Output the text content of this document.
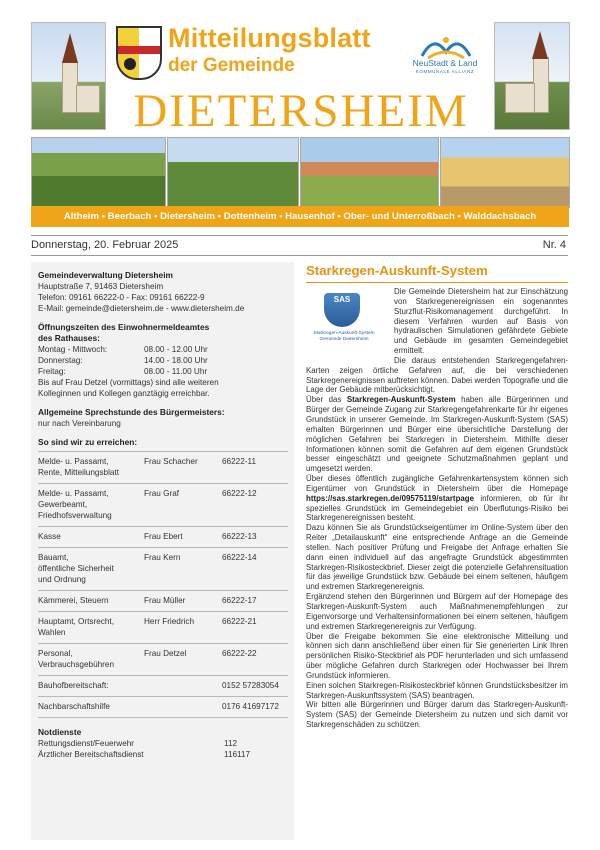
Mitteilungsblatt
der Gemeinde	NeuStadt & Land
KOMMUNALE ALLIANZ
DIETERSHEIM
Altheim • Beerbach • Dietersheim • Dottenheim • Hausenhof • Ober- und Unterroßbach • Walddachsbach
Donnerstag, 20. Februar 2025	Nr. 4
Gemeindeverwaltung Dietersheim
Hauptstraße 7, 91463 Dietersheim
Telefon: 09161 66222-0 - Fax: 09161 66222-9
E-Mail: gemeinde@dietersheim.de - www.dietersheim.de
Öffnungszeiten des Einwohnermeldeamtes
des Rathauses:
Montag - Mittwoch:	08.00 - 12.00 Uhr
Donnerstag:	14.00 - 18.00 Uhr
Freitag:	08.00 - 11.00 Uhr
Bis auf Frau Detzel (vormittags) sind alle weiteren
Kolleginnen und Kollegen ganztägig erreichbar.
Allgemeine Sprechstunde des Bürgermeisters:
nur nach Vereinbarung
So sind wir zu erreichen:
Melde- u. Passamt,
Rente, Mitteilungsblatt
Frau Schacher	66222-11
Melde- u. Passamt,
Gewerbeamt,
Friedhofsverwaltung
Frau Graf	66222-12
Kasse	Frau Ebert	66222-13
Bauamt,
öffentliche Sicherheit
und Ordnung
Frau Kern	66222-14
Kämmerei, Steuern	Frau Müller	66222-17
Hauptamt, Ortsrecht,
Wahlen
Herr Friedrich	66222-21
Personal,
Verbrauchsgebühren
Frau Detzel	66222-22
Bauhofbereitschaft:	0152 57283054
Nachbarschaftshilfe	0176 41697172
Notdienste
Rettungsdienst/Feuerwehr	112
Ärztlicher Bereitschaftsdienst	116117
Starkregen-Auskunft-System
SAS
Starkregen-Auskunft-System
Gemeinde Dietersheim

Die Gemeinde Dietersheim hat zur Einschätzung von Starkregenereignissen ein sogenanntes Sturzflut-Risikomanagement durchgeführt. In diesem Verfahren wurden auf Basis von hydraulischen Simulationen gefährdete Gebiete und Gebäude im gesamten Gemeindegebiet ermittelt.

Die daraus entstehenden Starkregengefahren-Karten zeigen örtliche Gefahren auf, die bei verschiedenen Starkregenereignissen auftreten können. Dabei werden Topografie und die Lage der Gebäude mitberücksichtigt.

Über das Starkregen-Auskunft-System haben alle Bürgerinnen und Bürger der Gemeinde Zugang zur Starkregengefahrenkarte für ihr eigenes Grundstück in unserer Gemeinde. Im Starkregen-Auskunft-System (SAS) erhalten Bürgerinnen und Bürger eine übersichtliche Darstellung der möglichen Gefahren bei Starkregen in Dietersheim. Mithilfe dieser Informationen können somit die Gefahren auf dem eigenen Grundstück besser eingeschätzt und geeignete Schutzmaßnahmen geplant und umgesetzt werden.

Über dieses öffentlich zugängliche Gefahrenkartensystem können sich Eigentümer von Grundstück in Dietersheim über die Homepage https://sas.starkregen.de/09575119/startpage informieren, ob für ihr spezielles Grundstück im Gemeindegebiet ein Überflutungs-Risiko bei Starkregenereignissen besteht.

Dazu können Sie als Grundstückseigentümer im Online-System über den Reiter „Detailauskunft“ eine entsprechende Anfrage an die Gemeinde stellen. Nach positiver Prüfung und Freigabe der Anfrage erhalten Sie dann einen individuell auf das angefragte Grundstück abgestimmten Starkregen-Risikosteckbrief. Dieser zeigt die potenzielle Gefahrensituation für das jeweilige Grundstück bzw. Gebäude bei einem seltenen, häufigem und extremen Starkregenereignis.

Ergänzend stehen den Bürgerinnen und Bürgern auf der Homepage des Starkregen-Auskunft-System auch Maßnahmenempfehlungen zur Eigenvorsorge und Verhaltensinformationen bei einem seltenen, häufigem und extremen Starkregenereignis zur Verfügung.

Über die Freigabe bekommen Sie eine elektronische Mitteilung und können sich dann anschließend über einen für Sie generierten Link Ihren persönlichen Risiko-Steckbrief als PDF herunterladen und sich umfassend über mögliche Gefahren durch Starkregen oder Hochwasser bei Ihrem Grundstück informieren.

Einen solchen Starkregen-Risikosteckbrief können Grundstücksbesitzer im Starkregen-Auskunftssystem (SAS) beantragen.

Wir bitten alle Bürgerinnen und Bürger darum das Starkregen-Auskunft-System (SAS) der Gemeinde Dietersheim zu nutzen und sich damit vor Starkregenschäden zu schützen.
